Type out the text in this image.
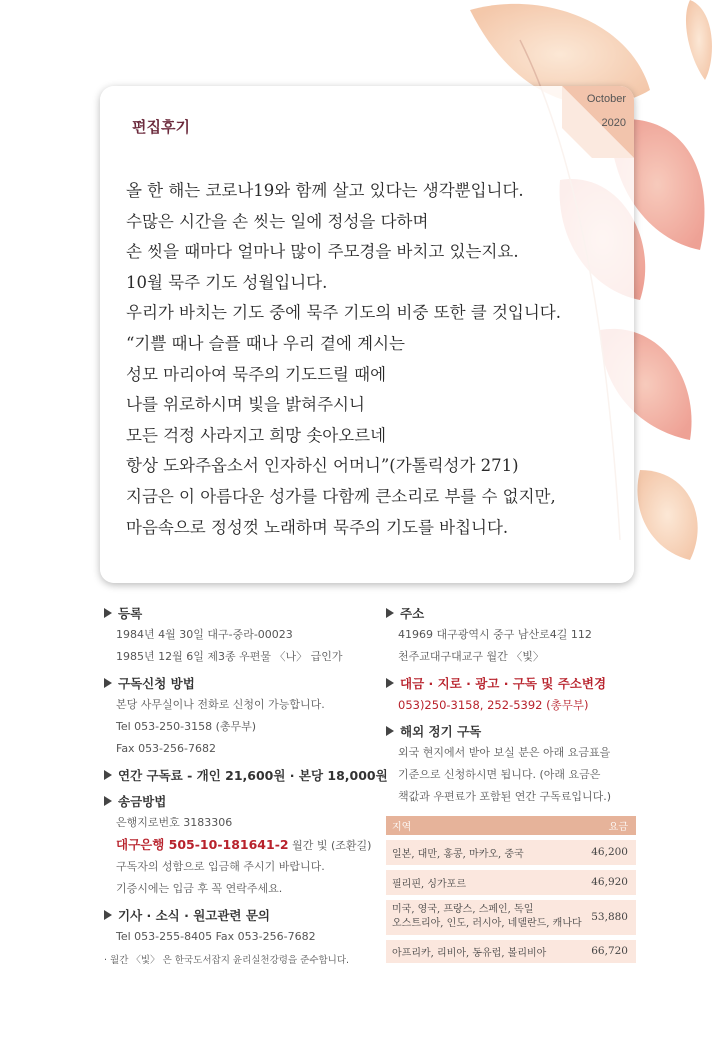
October
2020
편집후기
올 한 해는 코로나19와 함께 살고 있다는 생각뿐입니다.
수많은 시간을 손 씻는 일에 정성을 다하며
손 씻을 때마다 얼마나 많이 주모경을 바치고 있는지요.
10월 묵주 기도 성월입니다.
우리가 바치는 기도 중에 묵주 기도의 비중 또한 클 것입니다.
“기쁠 때나 슬플 때나 우리 곁에 계시는
성모 마리아여 묵주의 기도드릴 때에
나를 위로하시며 빛을 밝혀주시니
모든 걱정 사라지고 희망 솟아오르네
항상 도와주옵소서 인자하신 어머니”(가톨릭성가 271)
지금은 이 아름다운 성가를 다함께 큰소리로 부를 수 없지만,
마음속으로 정성껏 노래하며 묵주의 기도를 바칩니다.
등록
1984년 4월 30일 대구-중라-00023
1985년 12월 6일 제3종 우편물 〈나〉 급인가
구독신청 방법
본당 사무실이나 전화로 신청이 가능합니다.
Tel 053-250-3158 (총무부)
Fax 053-256-7682
연간 구독료 - 개인 21,600원 · 본당 18,000원
송금방법
은행지로번호 3183306
대구은행 505-10-181641-2 월간 빛 (조환길)
구독자의 성함으로 입금해 주시기 바랍니다.
기증시에는 입금 후 꼭 연락주세요.
기사 · 소식 · 원고관련 문의
Tel 053-255-8405 Fax 053-256-7682
· 월간 〈빛〉 은 한국도서잡지 윤리실천강령을 준수합니다.
주소
41969 대구광역시 중구 남산로4길 112
천주교대구대교구 월간 〈빛〉
대금 · 지로 · 광고 · 구독 및 주소변경
053)250-3158, 252-5392 (총무부)
해외 정기 구독
외국 현지에서 받아 보실 분은 아래 요금표을
기준으로 신청하시면 됩니다. (아래 요금은
책값과 우편료가 포함된 연간 구독료입니다.)
지역	요금
일본, 대만, 홍콩, 마카오, 중국	46,200
필리핀, 싱가포르	46,920
미국, 영국, 프랑스, 스페인, 독일
오스트리아, 인도, 러시아, 네델란드, 캐나다	53,880
아프리카, 리비아, 동유럽, 볼리비아	66,720
